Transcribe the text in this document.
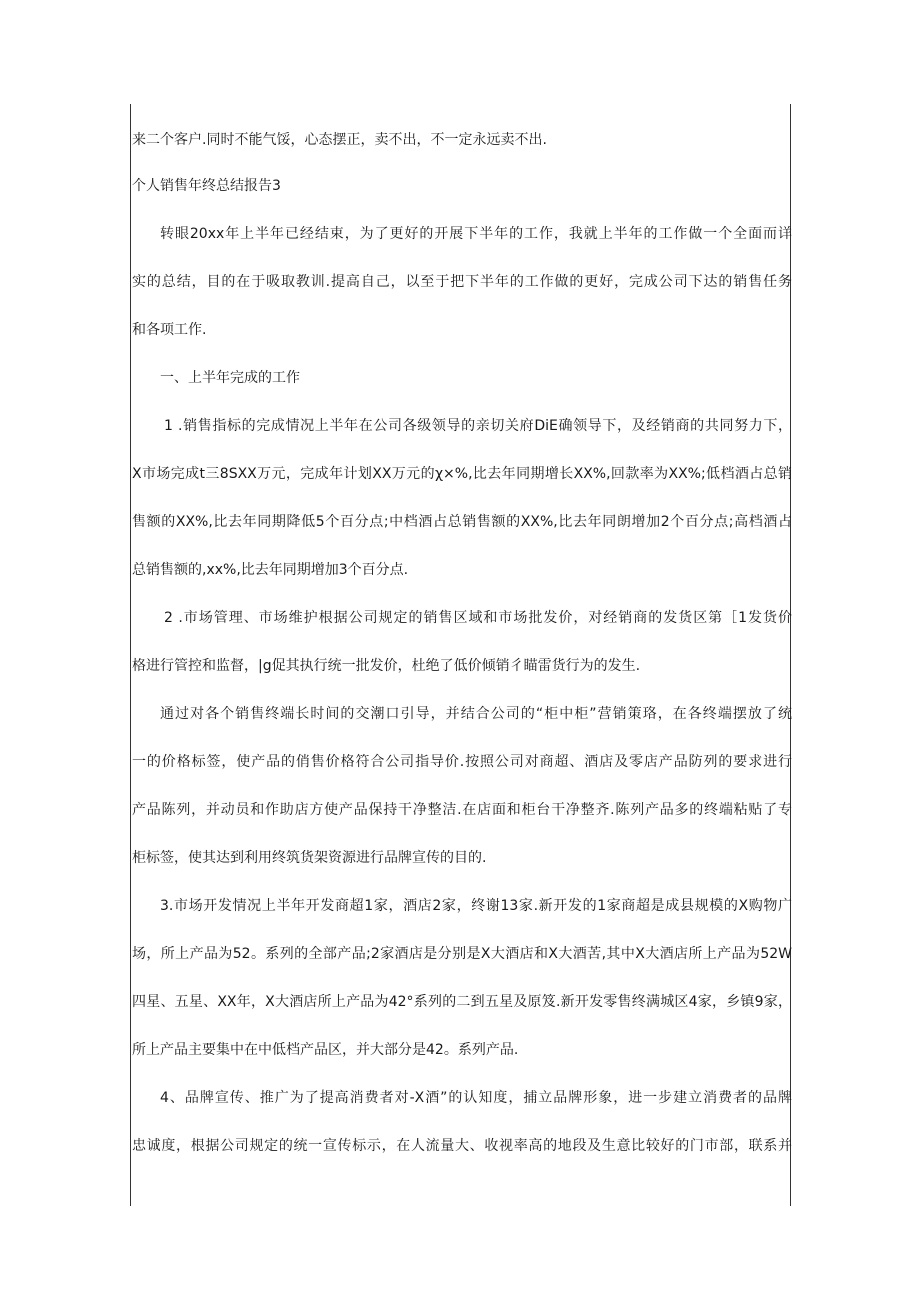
来二个客户.同时不能气馁，心态摆正，卖不出，不一定永远卖不出.
个人销售年终总结报告3
转眼20xx年上半年已经结束，为了更好的开展下半年的工作，我就上半年的工作做一个全面而详
实的总结，目的在于吸取教训.提高自己，以至于把下半年的工作做的更好，完成公司下达的销售任务
和各项工作.
一、上半年完成的工作
1 .销售指标的完成情况上半年在公司各级领导的亲切关府DiE确领导下，及经销商的共同努力下，
X市场完成t三8SXX万元，完成年计划XX万元的χ×%,比去年同期增长XX%,回款率为XX%;低档酒占总销
售额的XX%,比去年同期降低5个百分点;中档酒占总销售额的XX%,比去年同朗增加2个百分点;高档酒占
总销售额的,xx%,比去年同期增加3个百分点.
2 .市场管理、市场维护根据公司规定的销售区域和市场批发价，对经销商的发货区第［1发货价
格进行管控和监督，|g促其执行统一批发价，杜绝了低价倾销彳瞄雷货行为的发生.
通过对各个销售终端长时间的交潮口引导，并结合公司的“柜中柜”营销策珞，在各终端摆放了统
一的价格标签，使产品的俏售价格符合公司指导价.按照公司对商超、酒店及零店产品防列的要求进行
产品陈列，并动员和作助店方使产品保持干净整洁.在店面和柜台干净整齐.陈列产品多的终端粘贴了专
柜标签，使其达到利用终筑货架资源进行品牌宣传的目的.
3.市场开发情况上半年开发商超1家，酒店2家，终谢13家.新开发的1家商超是成县规模的X购物广
场，所上产品为52。系列的全部产品;2家酒店是分别是X大酒店和X大酒苦,其中X大酒店所上产品为52W
四星、五星、XX年，X大酒店所上产品为42°系列的二到五星及原笈.新开发零售终满城区4家，乡镇9家，
所上产品主要集中在中低档产品区，并大部分是42。系列产品.
4、品牌宣传、推广为了提高消费者对-X酒”的认知度，捕立品牌形象，进一步建立消费者的品牌
忠诚度，根据公司规定的统一宣传标示，在人流量大、收视率高的地段及生意比较好的门市部，联系并
